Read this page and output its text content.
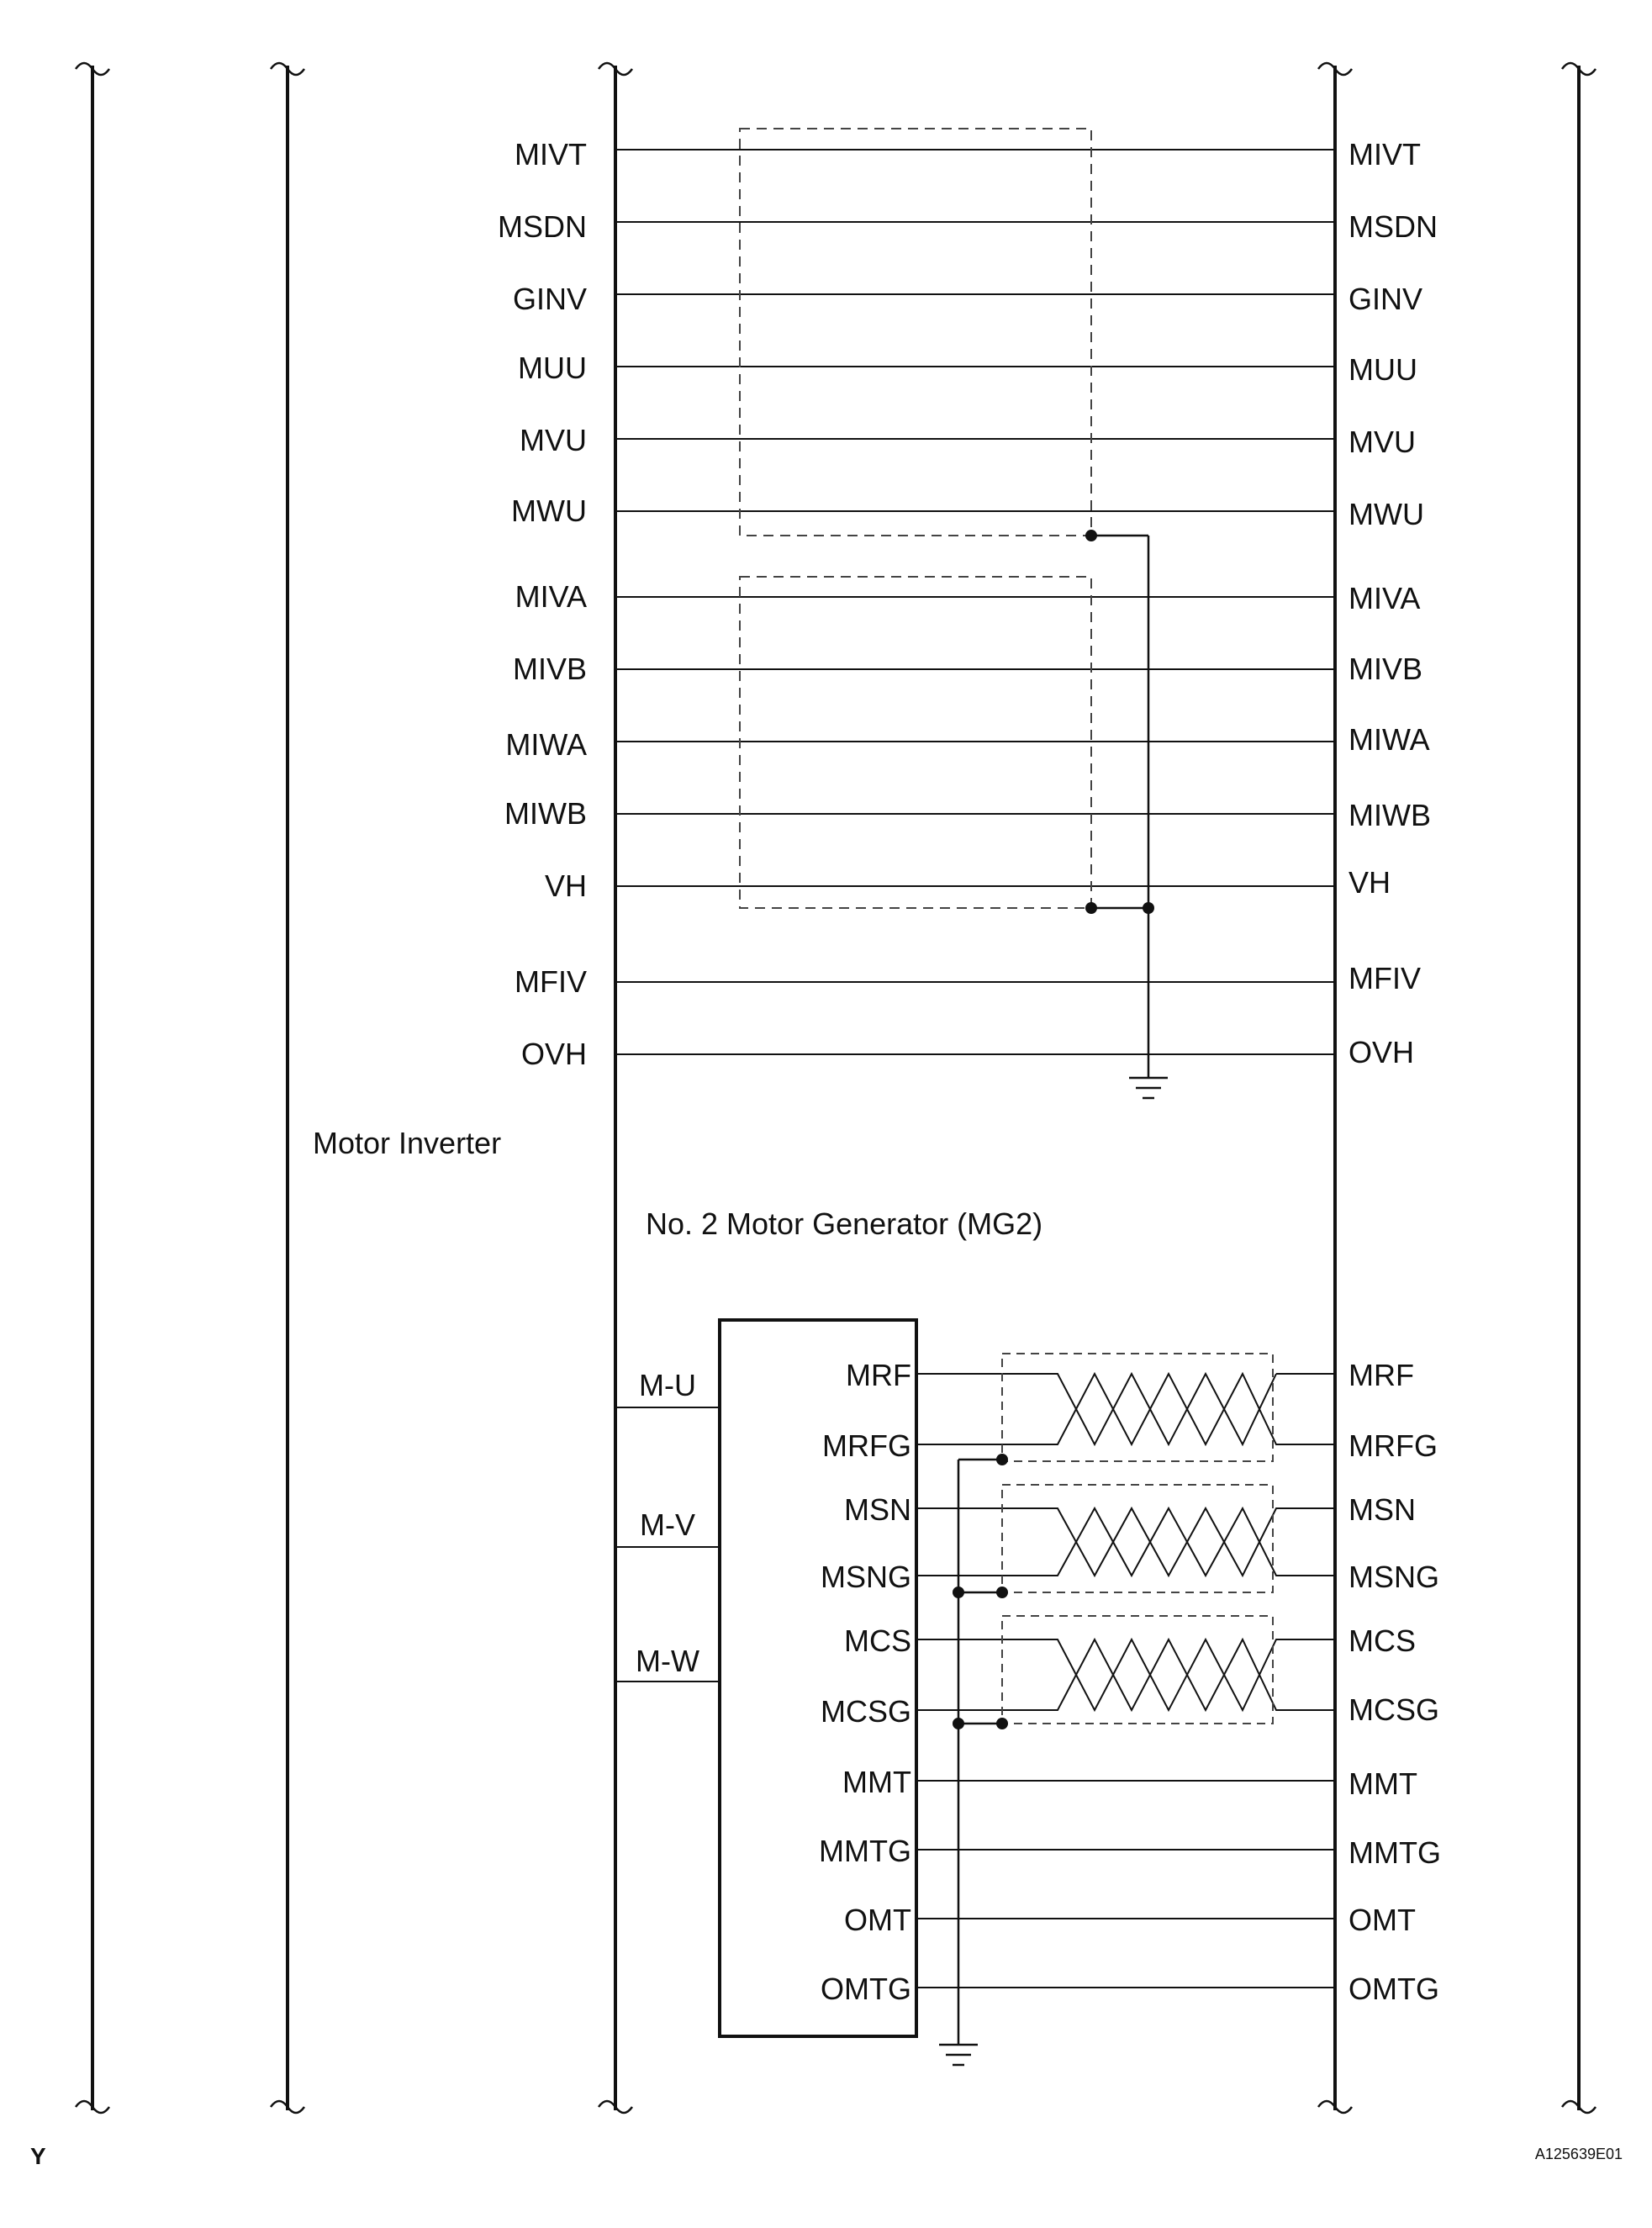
MIVT
MSDN
GINV
MUU
MVU
MWU
MIVA
MIVB
MIWA
MIWB
VH
MFIV
OVH
MIVT
MSDN
GINV
MUU
MVU
MWU
MIVA
MIVB
MIWA
MIWB
VH
MFIV
OVH
Motor Inverter
No. 2 Motor Generator (MG2)
M-U
M-V
M-W
MRF
MRFG
MSN
MSNG
MCS
MCSG
MMT
MMTG
OMT
OMTG
MRF
MRFG
MSN
MSNG
MCS
MCSG
MMT
MMTG
OMT
OMTG
Y	A125639E01
